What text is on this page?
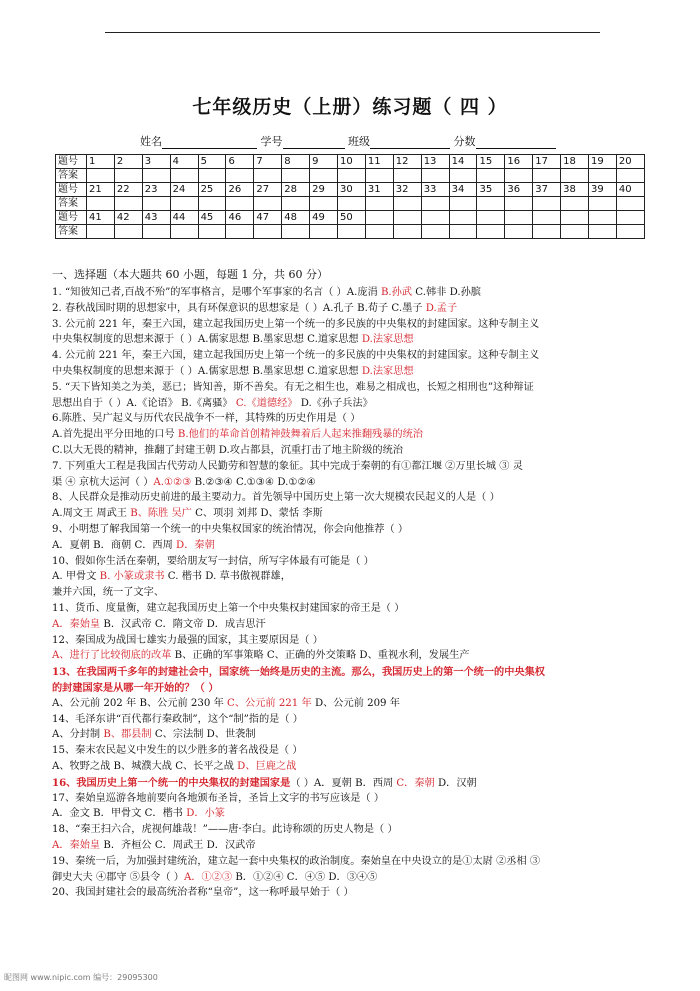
七年级历史（上册）练习题（ 四 ）
姓名	学号	班级	分数
题号	1	2	3	4	5	6	7	8	9	10	11	12	13	14	15	16	17	18	19	20
答案																				
题号	21	22	23	24	25	26	27	28	29	30	31	32	33	34	35	36	37	38	39	40
答案																				
题号	41	42	43	44	45	46	47	48	49	50										
答案																				
一、选择题（本大题共 60 小题，每题 1 分，共 60 分）
1. “知彼知己者,百战不殆”的军事格言，是哪个军事家的名言（ ）A.庞涓 B.孙武 C.韩非 D.孙膑
2. 春秋战国时期的思想家中，具有环保意识的思想家是（ ）A.孔子 B.荀子 C.墨子 D.孟子
3. 公元前 221 年，秦王六国，建立起我国历史上第一个统一的多民族的中央集权的封建国家。这种专制主义
中央集权制度的思想来源于（ ）A.儒家思想 B.墨家思想 C.道家思想 D.法家思想
4. 公元前 221 年，秦王六国，建立起我国历史上第一个统一的多民族的中央集权的封建国家。这种专制主义
中央集权制度的思想来源于（ ）A.儒家思想 B.墨家思想 C.道家思想 D.法家思想
5. “天下皆知美之为美，恶已；皆知善，斯不善矣。有无之相生也，难易之相成也，长短之相刑也”这种辩证
思想出自于（ ）A.《论语》 B.《离骚》 C.《道德经》 D.《孙子兵法》
6.陈胜、吴广起义与历代农民战争不一样，其特殊的历史作用是（ ）
A.首先提出平分田地的口号 B.他们的革命首创精神鼓舞着后人起来推翻残暴的统治
C.以大无畏的精神，推翻了封建王朝 D.攻占都县，沉重打击了地主阶级的统治
7. 下列重大工程是我国古代劳动人民勤劳和智慧的象征。其中完成于秦朝的有①都江堰 ②万里长城 ③ 灵
渠 ④ 京杭大运河（ ）A.①②③ B.②③④ C.①③④ D.①②④
8、人民群众是推动历史前进的最主要动力。首先领导中国历史上第一次大规模农民起义的人是（ ）
A.周文王 周武王 B、陈胜 吴广 C、项羽 刘邦 D、蒙恬 李斯
9、小明想了解我国第一个统一的中央集权国家的统治情况，你会向他推荐（ ）
A．夏朝 B．商朝 C．西周 D．秦朝
10、假如你生活在秦朝，要给朋友写一封信，所写字体最有可能是（ ）
A. 甲骨文 B. 小篆或隶书 C. 楷书 D. 草书傲视群雄，
兼并六国，统一了文字、
11、货币、度量衡，建立起我国历史上第一个中央集权封建国家的帝王是（ ）
A．秦始皇 B．汉武帝 C．隋文帝 D．成吉思汗
12、秦国成为战国七雄实力最强的国家，其主要原因是（ ）
A、进行了比较彻底的改革 B、正确的军事策略 C、正确的外交策略 D、重视水利，发展生产
13、在我国两千多年的封建社会中，国家统一始终是历史的主流。那么，我国历史上的第一个统一的中央集权
的封建国家是从哪一年开始的？（ ）
A、公元前 202 年 B、公元前 230 年 C、公元前 221 年 D、公元前 209 年
14、毛泽东讲“百代都行秦政制”，这个“制”指的是（ ）
A、分封制 B、郡县制 C、宗法制 D、世袭制
15、秦末农民起义中发生的以少胜多的著名战役是（ ）
A、牧野之战 B、城濮大战 C、长平之战 D、巨鹿之战
16、我国历史上第一个统一的中央集权的封建国家是（ ）A．夏朝 B．西周 C．秦朝 D．汉朝
17、秦始皇巡游各地前要向各地颁布圣旨，圣旨上文字的书写应该是（ ）
A．金文 B．甲骨文 C．楷书 D．小篆
18、“秦王扫六合，虎视何雄哉！”——唐·李白。此诗称颂的历史人物是（ ）
A．秦始皇 B．齐桓公 C．周武王 D．汉武帝
19、秦统一后，为加强封建统治，建立起一套中央集权的政治制度。秦始皇在中央设立的是①太尉 ②丞相 ③
御史大夫 ④郡守 ⑤县令（ ）A．①②③ B．①②④ C．④⑤ D．③④⑤
20、我国封建社会的最高统治者称“皇帝”，这一称呼最早始于（ ）
昵图网 www.nipic.com 编号：29095300
